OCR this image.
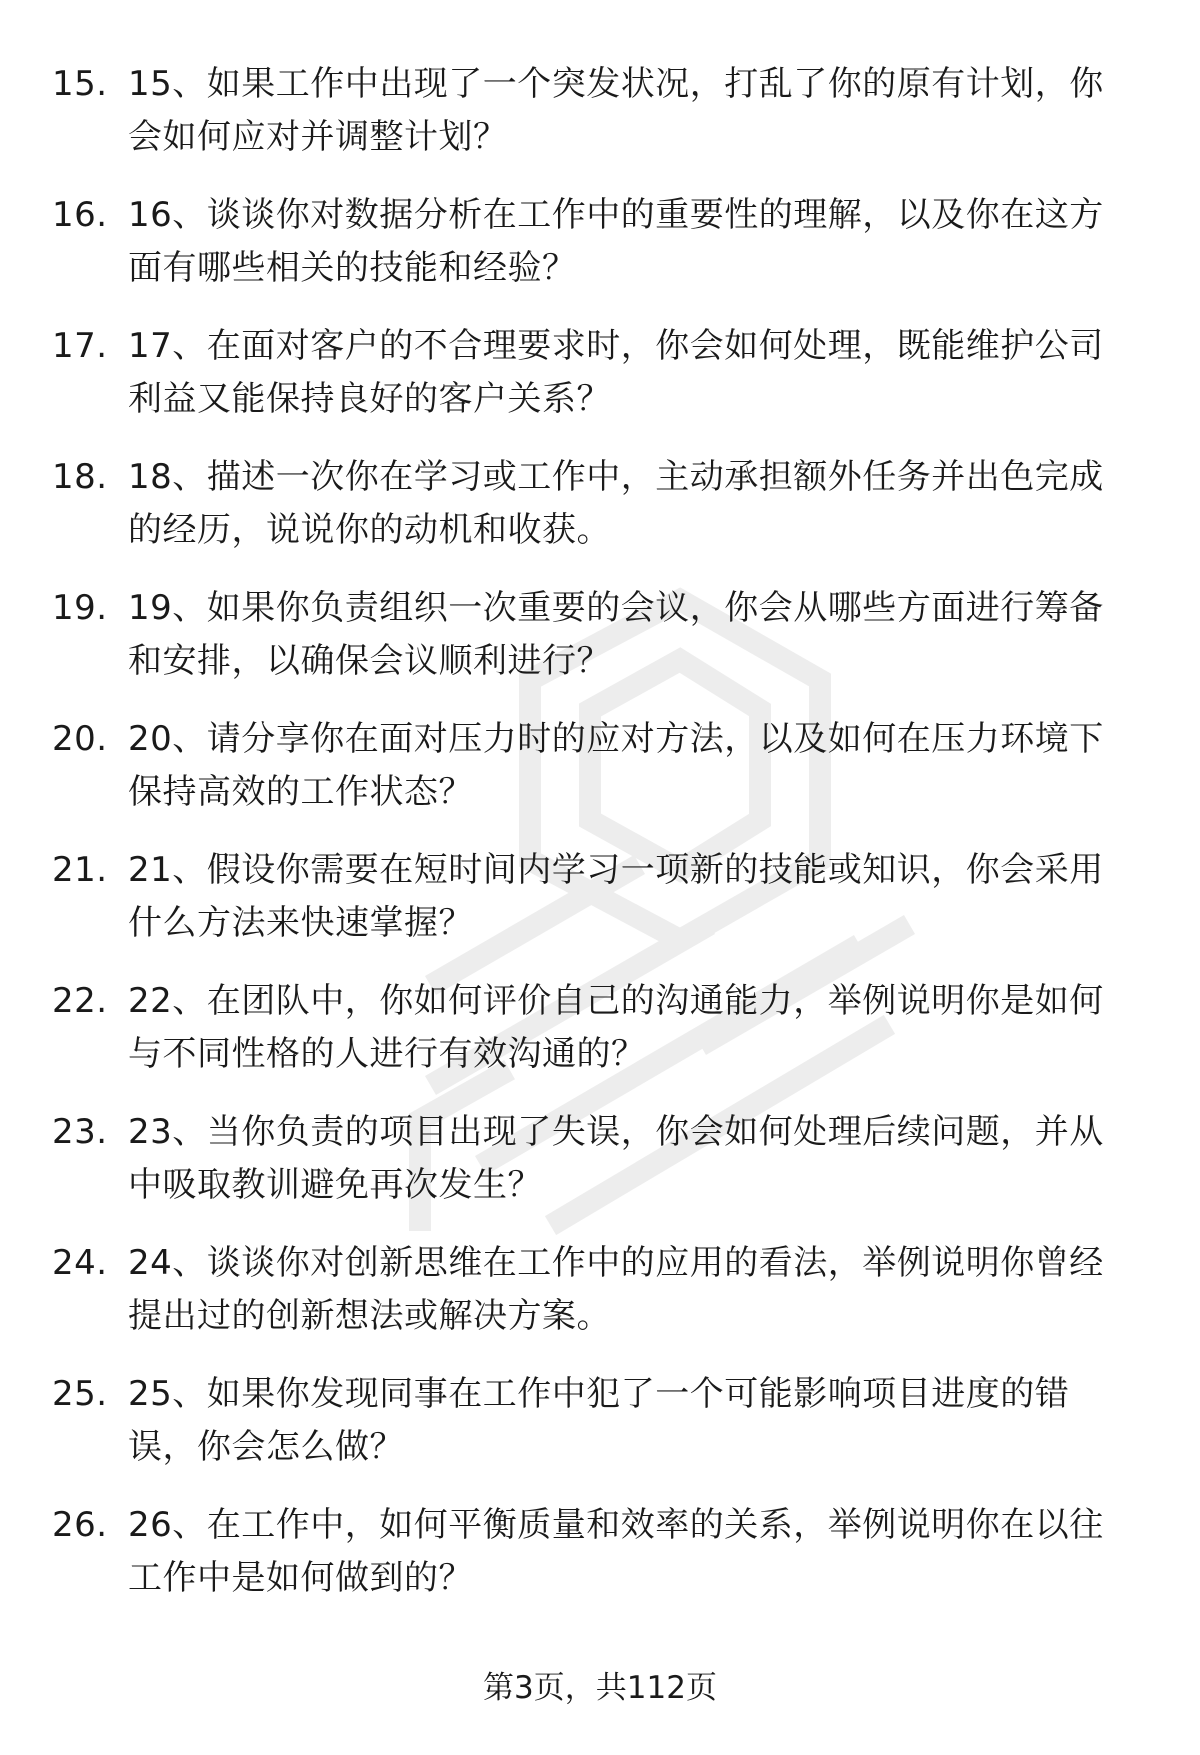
15. 15、如果工作中出现了一个突发状况，打乱了你的原有计划，你会如何应对并调整计划？
16. 16、谈谈你对数据分析在工作中的重要性的理解，以及你在这方面有哪些相关的技能和经验？
17. 17、在面对客户的不合理要求时，你会如何处理，既能维护公司利益又能保持良好的客户关系？
18. 18、描述一次你在学习或工作中，主动承担额外任务并出色完成的经历，说说你的动机和收获。
19. 19、如果你负责组织一次重要的会议，你会从哪些方面进行筹备和安排，以确保会议顺利进行？
20. 20、请分享你在面对压力时的应对方法，以及如何在压力环境下保持高效的工作状态？
21. 21、假设你需要在短时间内学习一项新的技能或知识，你会采用什么方法来快速掌握？
22. 22、在团队中，你如何评价自己的沟通能力，举例说明你是如何与不同性格的人进行有效沟通的？
23. 23、当你负责的项目出现了失误，你会如何处理后续问题，并从中吸取教训避免再次发生？
24. 24、谈谈你对创新思维在工作中的应用的看法，举例说明你曾经提出过的创新想法或解决方案。
25. 25、如果你发现同事在工作中犯了一个可能影响项目进度的错误，你会怎么做？
26. 26、在工作中，如何平衡质量和效率的关系，举例说明你在以往工作中是如何做到的？
第3页，共112页
